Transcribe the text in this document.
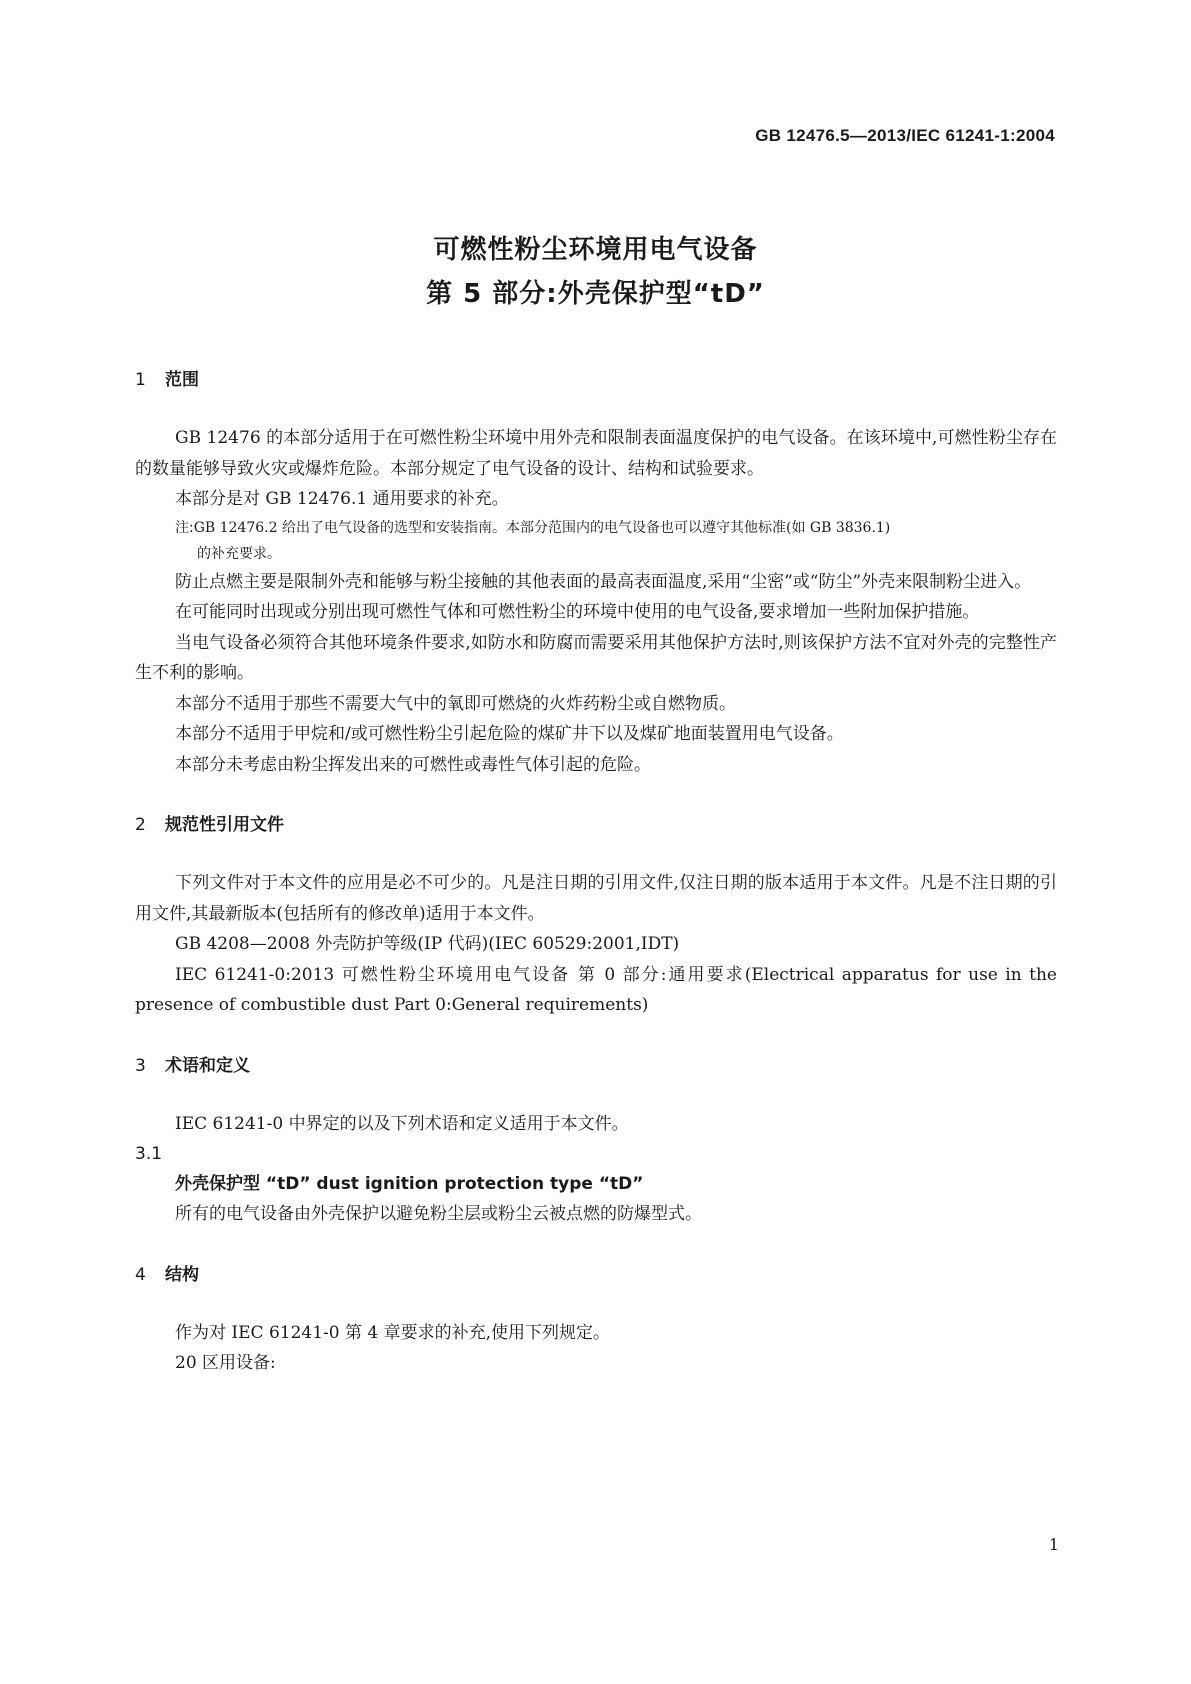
GB 12476.5—2013/IEC 61241-1:2004
可燃性粉尘环境用电气设备
第 5 部分:外壳保护型“tD”
1 范围

GB 12476 的本部分适用于在可燃性粉尘环境中用外壳和限制表面温度保护的电气设备。在该环境中,可燃性粉尘存在的数量能够导致火灾或爆炸危险。本部分规定了电气设备的设计、结构和试验要求。

本部分是对 GB 12476.1 通用要求的补充。

注:GB 12476.2 给出了电气设备的选型和安装指南。本部分范围内的电气设备也可以遵守其他标准(如 GB 3836.1)
的补充要求。

防止点燃主要是限制外壳和能够与粉尘接触的其他表面的最高表面温度,采用“尘密”或“防尘”外壳来限制粉尘进入。

在可能同时出现或分别出现可燃性气体和可燃性粉尘的环境中使用的电气设备,要求增加一些附加保护措施。

当电气设备必须符合其他环境条件要求,如防水和防腐而需要采用其他保护方法时,则该保护方法不宜对外壳的完整性产生不利的影响。

本部分不适用于那些不需要大气中的氧即可燃烧的火炸药粉尘或自燃物质。

本部分不适用于甲烷和/或可燃性粉尘引起危险的煤矿井下以及煤矿地面装置用电气设备。

本部分未考虑由粉尘挥发出来的可燃性或毒性气体引起的危险。

2 规范性引用文件

下列文件对于本文件的应用是必不可少的。凡是注日期的引用文件,仅注日期的版本适用于本文件。凡是不注日期的引用文件,其最新版本(包括所有的修改单)适用于本文件。

GB 4208—2008 外壳防护等级(IP 代码)(IEC 60529:2001,IDT)

IEC 61241-0:2013 可燃性粉尘环境用电气设备 第 0 部分:通用要求(Electrical apparatus for use in the presence of combustible dust Part 0:General requirements)

3 术语和定义

IEC 61241-0 中界定的以及下列术语和定义适用于本文件。

3.1
外壳保护型 “tD” dust ignition protection type “tD”

所有的电气设备由外壳保护以避免粉尘层或粉尘云被点燃的防爆型式。

4 结构

作为对 IEC 61241-0 第 4 章要求的补充,使用下列规定。

20 区用设备:

1
